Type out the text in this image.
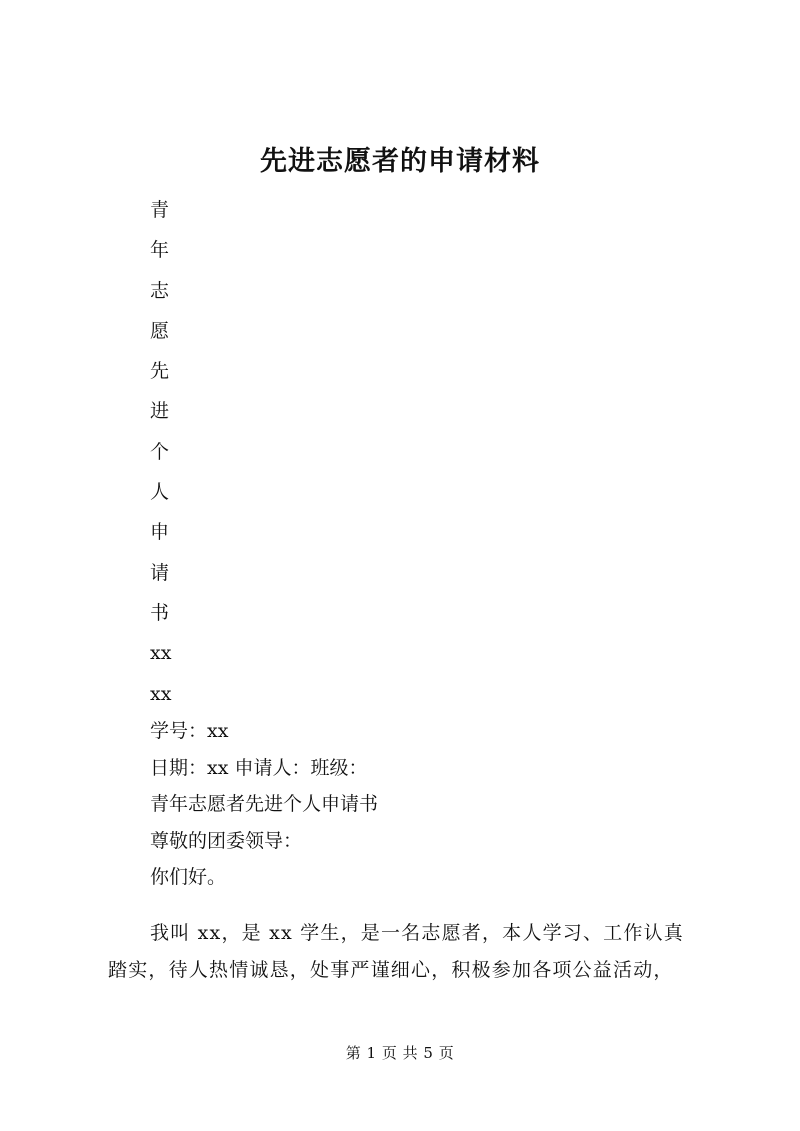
先进志愿者的申请材料
青
年
志
愿
先
进
个
人
申
请
书
xx
xx
学号：xx
日期：xx 申请人：班级：
青年志愿者先进个人申请书
尊敬的团委领导：
你们好。
我叫 xx，是 xx 学生，是一名志愿者，本人学习、工作认真
踏实，待人热情诚恳，处事严谨细心，积极参加各项公益活动，
第 1 页 共 5 页
